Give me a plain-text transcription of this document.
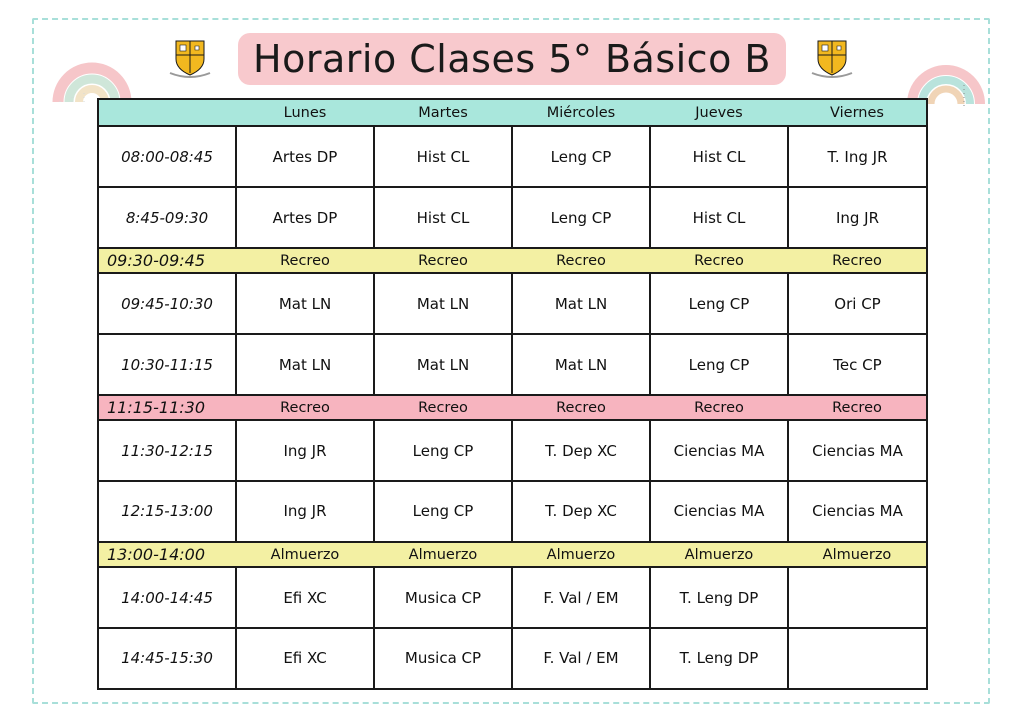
Horario Clases 5° Básico B
	Lunes	Martes	Miércoles	Jueves	Viernes
08:00-08:45	Artes DP	Hist CL	Leng CP	Hist CL	T. Ing JR
8:45-09:30	Artes DP	Hist CL	Leng CP	Hist CL	Ing JR
09:30-09:45	Recreo	Recreo	Recreo	Recreo	Recreo
09:45-10:30	Mat LN	Mat LN	Mat LN	Leng CP	Ori CP
10:30-11:15	Mat LN	Mat LN	Mat LN	Leng CP	Tec CP
11:15-11:30	Recreo	Recreo	Recreo	Recreo	Recreo
11:30-12:15	Ing JR	Leng CP	T. Dep XC	Ciencias MA	Ciencias MA
12:15-13:00	Ing JR	Leng CP	T. Dep XC	Ciencias MA	Ciencias MA
13:00-14:00	Almuerzo	Almuerzo	Almuerzo	Almuerzo	Almuerzo
14:00-14:45	Efi XC	Musica CP	F. Val / EM	T. Leng DP	
14:45-15:30	Efi XC	Musica CP	F. Val / EM	T. Leng DP	
